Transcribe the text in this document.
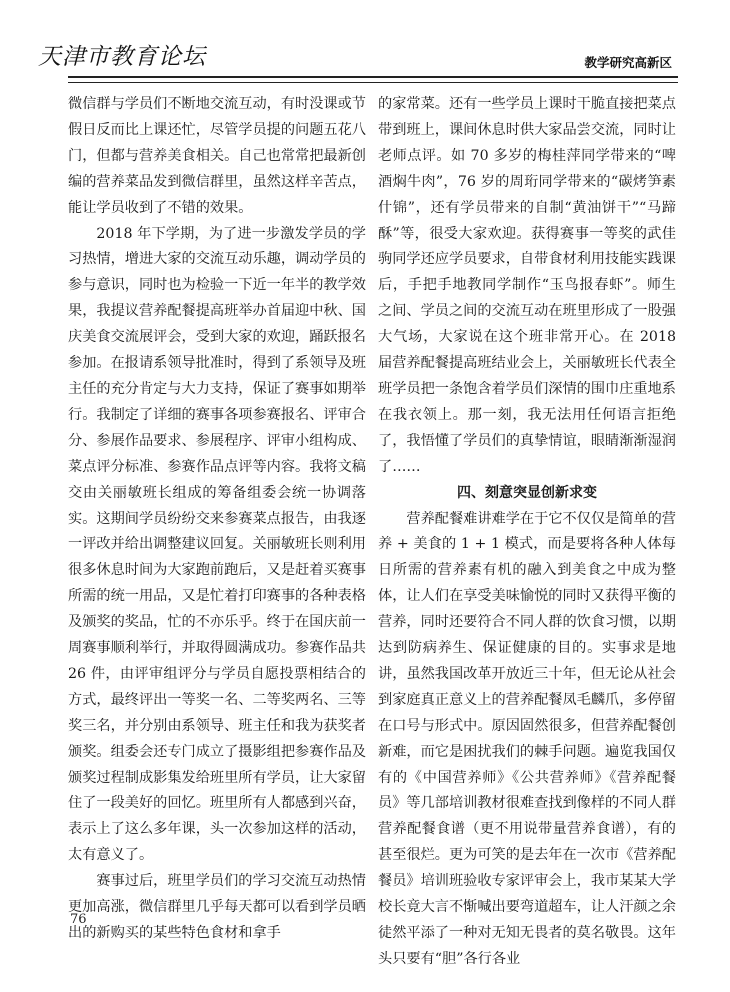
天津市教育论坛	教学研究高新区

微信群与学员们不断地交流互动，有时没课或节假日反而比上课还忙，尽管学员提的问题五花八门，但都与营养美食相关。自己也常常把最新创编的营养菜品发到微信群里，虽然这样辛苦点，能让学员收到了不错的效果。

2018 年下学期，为了进一步激发学员的学习热情，增进大家的交流互动乐趣，调动学员的参与意识，同时也为检验一下近一年半的教学效果，我提议营养配餐提高班举办首届迎中秋、国庆美食交流展评会，受到大家的欢迎，踊跃报名参加。在报请系领导批准时，得到了系领导及班主任的充分肯定与大力支持，保证了赛事如期举行。我制定了详细的赛事各项参赛报名、评审合分、参展作品要求、参展程序、评审小组构成、菜点评分标准、参赛作品点评等内容。我将文稿交由关丽敏班长组成的筹备组委会统一协调落实。这期间学员纷纷交来参赛菜点报告，由我逐一评改并给出调整建议回复。关丽敏班长则利用很多休息时间为大家跑前跑后，又是赶着买赛事所需的统一用品，又是忙着打印赛事的各种表格及颁奖的奖品，忙的不亦乐乎。终于在国庆前一周赛事顺利举行，并取得圆满成功。参赛作品共 26 件，由评审组评分与学员自愿投票相结合的方式，最终评出一等奖一名、二等奖两名、三等奖三名，并分别由系领导、班主任和我为获奖者颁奖。组委会还专门成立了摄影组把参赛作品及颁奖过程制成影集发给班里所有学员，让大家留住了一段美好的回忆。班里所有人都感到兴奋，表示上了这么多年课，头一次参加这样的活动，太有意义了。

赛事过后，班里学员们的学习交流互动热情更加高涨，微信群里几乎每天都可以看到学员晒出的新购买的某些特色食材和拿手

的家常菜。还有一些学员上课时干脆直接把菜点带到班上，课间休息时供大家品尝交流，同时让老师点评。如 70 多岁的梅桂萍同学带来的“啤酒焖牛肉”，76 岁的周珩同学带来的“碳烤笋素什锦”，还有学员带来的自制“黄油饼干”“马蹄酥”等，很受大家欢迎。获得赛事一等奖的武佳驹同学还应学员要求，自带食材利用技能实践课后，手把手地教同学制作“玉鸟报春虾”。师生之间、学员之间的交流互动在班里形成了一股强大气场，大家说在这个班非常开心。在 2018 届营养配餐提高班结业会上，关丽敏班长代表全班学员把一条饱含着学员们深情的围巾庄重地系在我衣领上。那一刻，我无法用任何语言拒绝了，我悟懂了学员们的真挚情谊，眼睛渐渐湿润了……

四、刻意突显创新求变

营养配餐难讲难学在于它不仅仅是简单的营养 + 美食的 1 + 1 模式，而是要将各种人体每日所需的营养素有机的融入到美食之中成为整体，让人们在享受美味愉悦的同时又获得平衡的营养，同时还要符合不同人群的饮食习惯，以期达到防病养生、保证健康的目的。实事求是地讲，虽然我国改革开放近三十年，但无论从社会到家庭真正意义上的营养配餐凤毛麟爪，多停留在口号与形式中。原因固然很多，但营养配餐创新难，而它是困扰我们的棘手问题。遍览我国仅有的《中国营养师》《公共营养师》《营养配餐员》等几部培训教材很难查找到像样的不同人群营养配餐食谱（更不用说带量营养食谱），有的甚至很烂。更为可笑的是去年在一次市《营养配餐员》培训班验收专家评审会上，我市某某大学校长竟大言不惭喊出要弯道超车，让人汗颜之余徒然平添了一种对无知无畏者的莫名敬畏。这年头只要有“胆”各行各业

76
